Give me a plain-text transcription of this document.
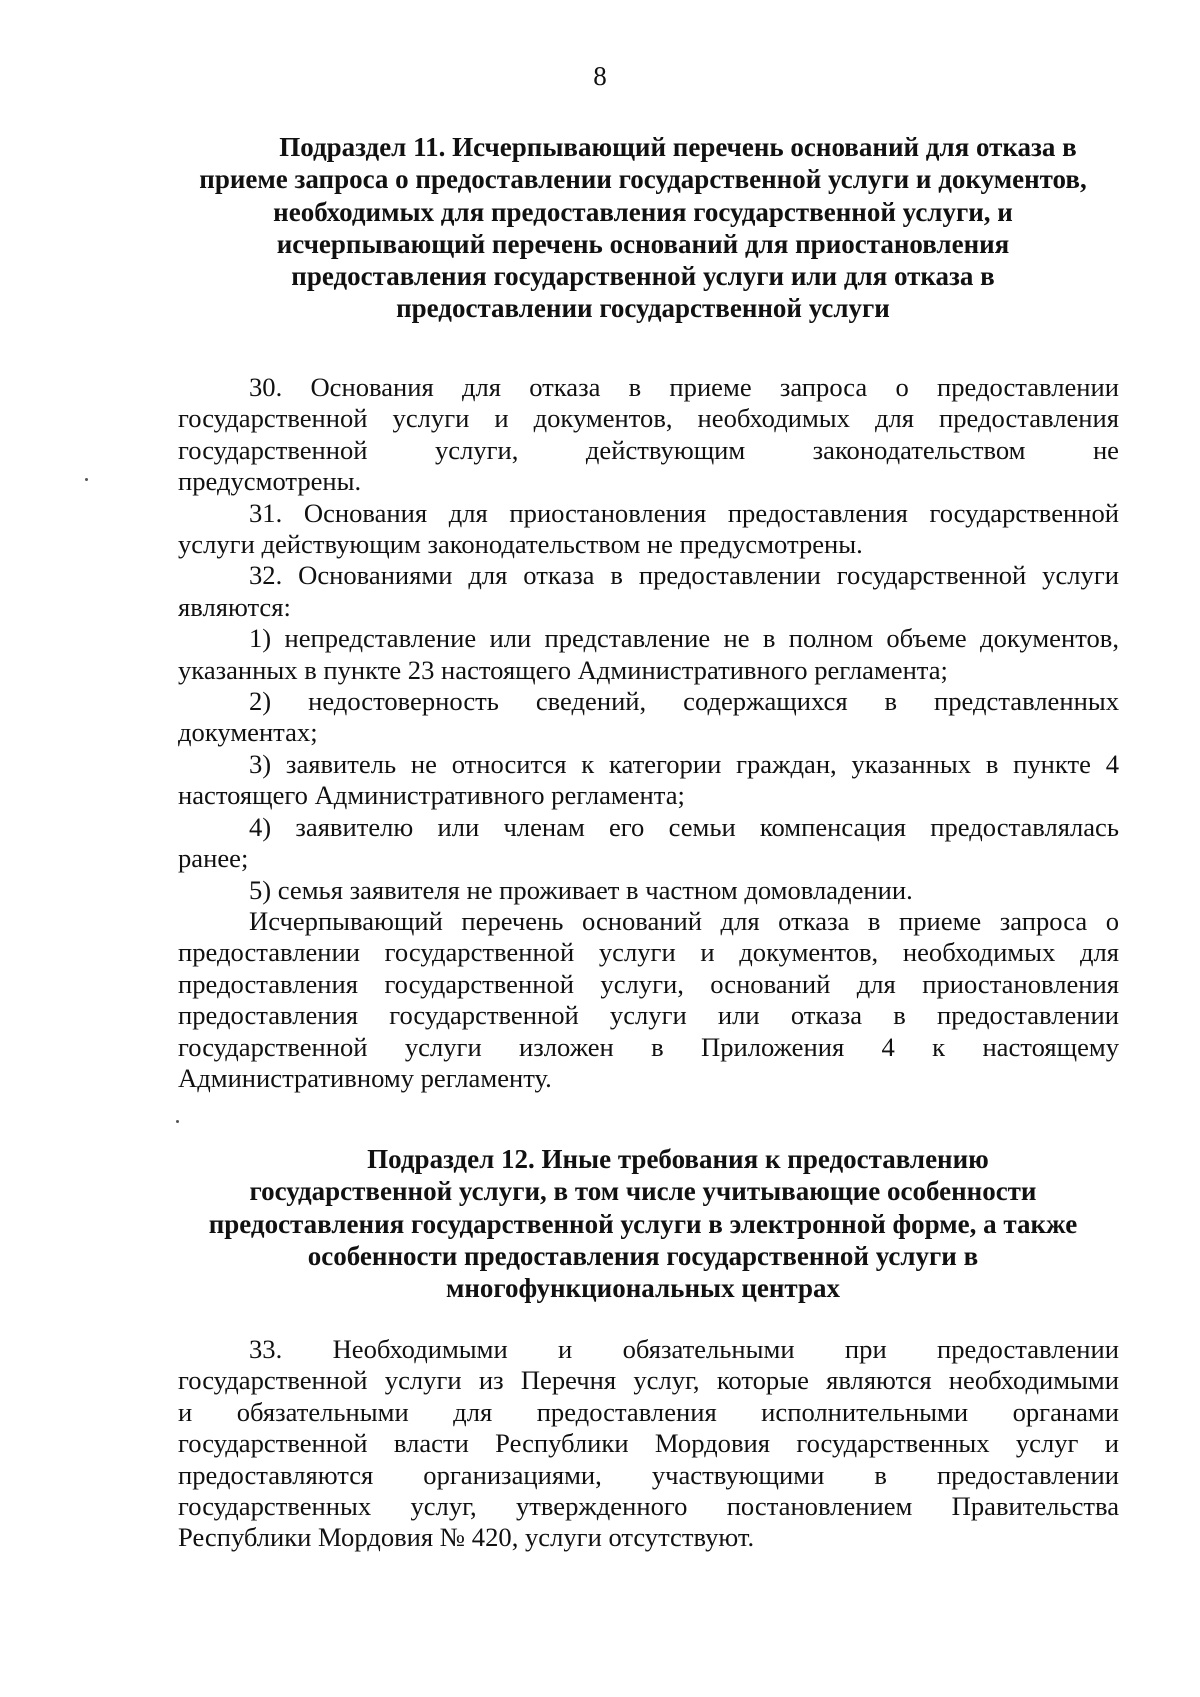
8
Подраздел 11. Исчерпывающий перечень оснований для отказа в
приеме запроса о предоставлении государственной услуги и документов,
необходимых для предоставления государственной услуги, и
исчерпывающий перечень оснований для приостановления
предоставления государственной услуги или для отказа в
предоставлении государственной услуги
30. Основания для отказа в приеме запроса о предоставлении
государственной услуги и документов, необходимых для предоставления
государственной услуги, действующим законодательством не
предусмотрены.
31. Основания для приостановления предоставления государственной
услуги действующим законодательством не предусмотрены.
32. Основаниями для отказа в предоставлении государственной услуги
являются:
1) непредставление или представление не в полном объеме документов,
указанных в пункте 23 настоящего Административного регламента;
2) недостоверность сведений, содержащихся в представленных
документах;
3) заявитель не относится к категории граждан, указанных в пункте 4
настоящего Административного регламента;
4) заявителю или членам его семьи компенсация предоставлялась
ранее;
5) семья заявителя не проживает в частном домовладении.
Исчерпывающий перечень оснований для отказа в приеме запроса о
предоставлении государственной услуги и документов, необходимых для
предоставления государственной услуги, оснований для приостановления
предоставления государственной услуги или отказа в предоставлении
государственной услуги изложен в Приложения 4 к настоящему
Административному регламенту.
Подраздел 12. Иные требования к предоставлению
государственной услуги, в том числе учитывающие особенности
предоставления государственной услуги в электронной форме, а также
особенности предоставления государственной услуги в
многофункциональных центрах
33. Необходимыми и обязательными при предоставлении
государственной услуги из Перечня услуг, которые являются необходимыми
и обязательными для предоставления исполнительными органами
государственной власти Республики Мордовия государственных услуг и
предоставляются организациями, участвующими в предоставлении
государственных услуг, утвержденного постановлением Правительства
Республики Мордовия № 420, услуги отсутствуют.
